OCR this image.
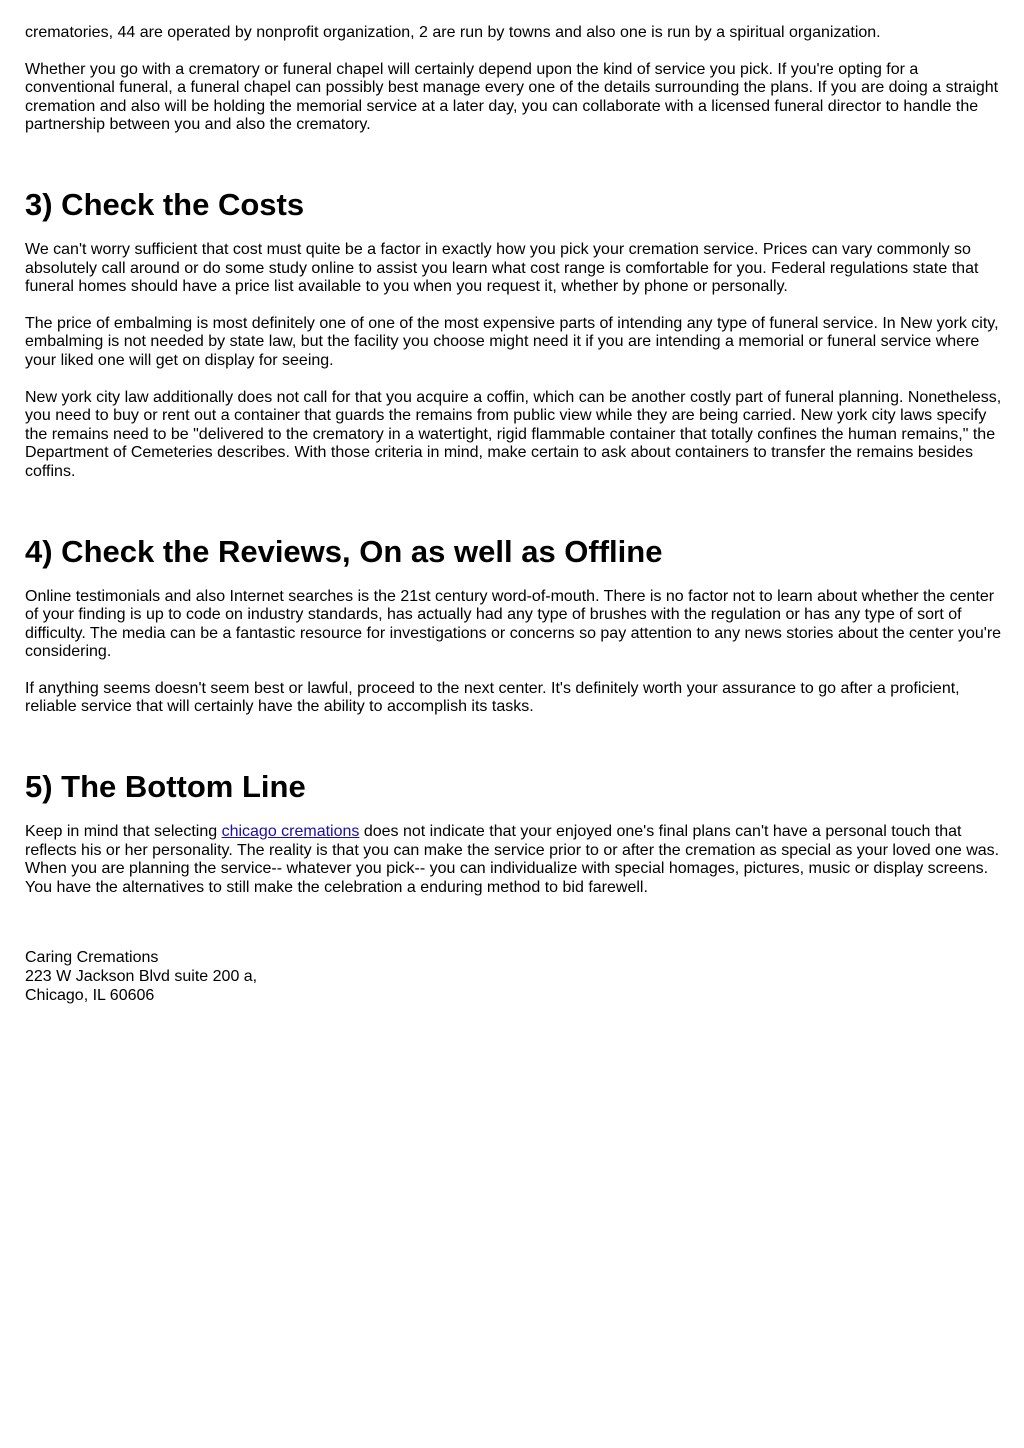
crematories, 44 are operated by nonprofit organization, 2 are run by towns and also one is run by a spiritual organization.

Whether you go with a crematory or funeral chapel will certainly depend upon the kind of service you pick. If you're opting for a conventional funeral, a funeral chapel can possibly best manage every one of the details surrounding the plans. If you are doing a straight cremation and also will be holding the memorial service at a later day, you can collaborate with a licensed funeral director to handle the partnership between you and also the crematory.

3) Check the Costs

We can't worry sufficient that cost must quite be a factor in exactly how you pick your cremation service. Prices can vary commonly so absolutely call around or do some study online to assist you learn what cost range is comfortable for you. Federal regulations state that funeral homes should have a price list available to you when you request it, whether by phone or personally.

The price of embalming is most definitely one of one of the most expensive parts of intending any type of funeral service. In New york city, embalming is not needed by state law, but the facility you choose might need it if you are intending a memorial or funeral service where your liked one will get on display for seeing.

New york city law additionally does not call for that you acquire a coffin, which can be another costly part of funeral planning. Nonetheless, you need to buy or rent out a container that guards the remains from public view while they are being carried. New york city laws specify the remains need to be "delivered to the crematory in a watertight, rigid flammable container that totally confines the human remains," the Department of Cemeteries describes. With those criteria in mind, make certain to ask about containers to transfer the remains besides coffins.

4) Check the Reviews, On as well as Offline

Online testimonials and also Internet searches is the 21st century word-of-mouth. There is no factor not to learn about whether the center of your finding is up to code on industry standards, has actually had any type of brushes with the regulation or has any type of sort of difficulty. The media can be a fantastic resource for investigations or concerns so pay attention to any news stories about the center you're considering.

If anything seems doesn't seem best or lawful, proceed to the next center. It's definitely worth your assurance to go after a proficient, reliable service that will certainly have the ability to accomplish its tasks.

5) The Bottom Line

Keep in mind that selecting chicago cremations does not indicate that your enjoyed one's final plans can't have a personal touch that reflects his or her personality. The reality is that you can make the service prior to or after the cremation as special as your loved one was. When you are planning the service-- whatever you pick-- you can individualize with special homages, pictures, music or display screens. You have the alternatives to still make the celebration a enduring method to bid farewell.

Caring Cremations
223 W Jackson Blvd suite 200 a,
Chicago, IL 60606
